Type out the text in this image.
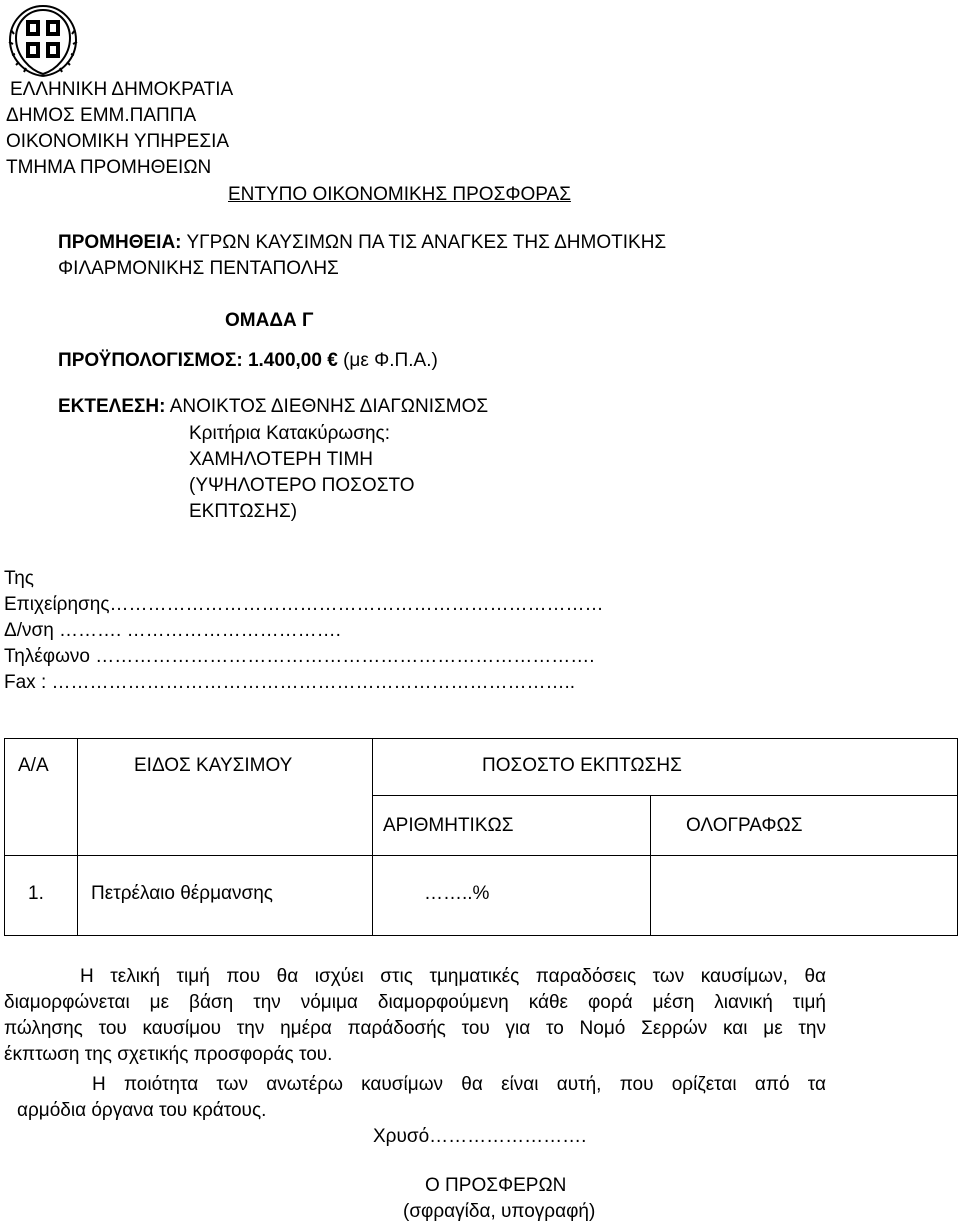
ΕΛΛΗΝΙΚΗ ΔΗΜΟΚΡΑΤΙΑ
ΔΗΜΟΣ ΕΜΜ.ΠΑΠΠΑ
ΟΙΚΟΝΟΜΙΚΗ ΥΠΗΡΕΣΙΑ
ΤΜΗΜΑ ΠΡΟΜΗΘΕΙΩΝ
ΕΝΤΥΠΟ ΟΙΚΟΝΟΜΙΚΗΣ ΠΡΟΣΦΟΡΑΣ
ΠΡΟΜΗΘΕΙΑ: ΥΓΡΩΝ ΚΑΥΣΙΜΩΝ ΠΑ ΤΙΣ ΑΝΑΓΚΕΣ ΤΗΣ ΔΗΜΟΤΙΚΗΣ
ΦΙΛΑΡΜΟΝΙΚΗΣ ΠΕΝΤΑΠΟΛΗΣ
ΟΜΑΔΑ Γ
ΠΡΟΫΠΟΛΟΓΙΣΜΟΣ: 1.400,00 € (με Φ.Π.Α.)
ΕΚΤΕΛΕΣΗ: ΑΝΟΙΚΤΟΣ ΔΙΕΘΝΗΣ ΔΙΑΓΩΝΙΣΜΟΣ
Κριτήρια Κατακύρωσης:
ΧΑΜΗΛΟΤΕΡΗ ΤΙΜΗ
(ΥΨΗΛΟΤΕΡΟ ΠΟΣΟΣΤΟ
ΕΚΠΤΩΣΗΣ)
Της
Επιχείρησης……………………………………………………………………
Δ/νση ………. …………………………….
Τηλέφωνο …………………………………………………………………….
Fax : ………………………………………………………………………..
Α/Α	ΕΙΔΟΣ ΚΑΥΣΙΜΟΥ	ΠΟΣΟΣΤΟ ΕΚΠΤΩΣΗΣ
ΑΡΙΘΜΗΤΙΚΩΣ	ΟΛΟΓΡΑΦΩΣ
1. Πετρέλαιο θέρμανσης	……..%
Η τελική τιμή που θα ισχύει στις τμηματικές παραδόσεις των καυσίμων, θα
διαμορφώνεται με βάση την νόμιμα διαμορφούμενη κάθε φορά μέση λιανική τιμή
πώλησης του καυσίμου την ημέρα παράδοσής του για το Νομό Σερρών και με την
έκπτωση της σχετικής προσφοράς του.
Η ποιότητα των ανωτέρω καυσίμων θα είναι αυτή, που ορίζεται από τα
αρμόδια όργανα του κράτους.
Χρυσό…………………….
Ο ΠΡΟΣΦΕΡΩΝ
(σφραγίδα, υπογραφή)
